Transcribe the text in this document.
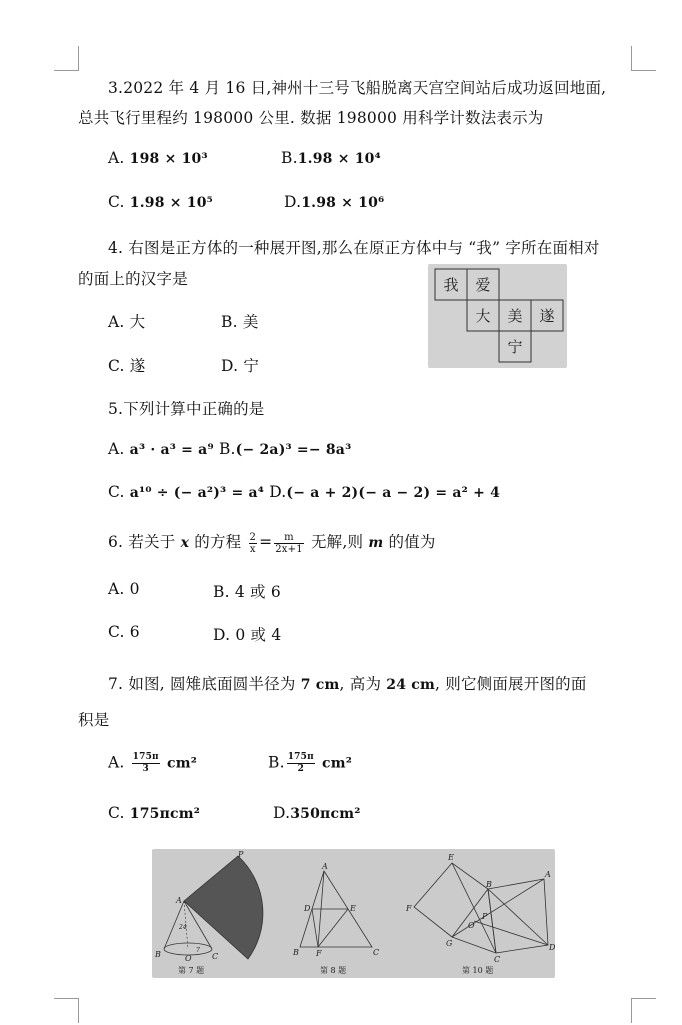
3.2022 年 4 月 16 日,神州十三号飞船脱离天宫空间站后成功返回地面,
总共飞行里程约 198000 公里. 数据 198000 用科学计数法表示为
A. 198 × 10³	B.1.98 × 10⁴
C. 1.98 × 10⁵	D.1.98 × 10⁶
4. 右图是正方体的一种展开图,那么在原正方体中与 “我” 字所在面相对
的面上的汉字是
A. 大	B. 美
C. 遂	D. 宁
我 爱
大 美 遂
宁
5.下列计算中正确的是
A. a³ · a³ = a⁹ B.(− 2a)³ =− 8a³
C. a¹⁰ ÷ (− a²)³ = a⁴ D.(− a + 2)(− a − 2) = a² + 4
6. 若关于 x 的方程 $\frac{2}{x} = \frac{m}{2x+1}$ 无解,则 m 的值为
A. 0	B. 4 或 6
C. 6	D. 0 或 4
7. 如图, 圆雉底面圆半径为 7 cm, 高为 24 cm, 则它侧面展开图的面
积是
A. $\frac{175\pi}{3} cm^2$	B. $\frac{175\pi}{2} cm^2$
C. 175πcm²	D.350πcm²
P
A
B	C
O
24
7
第 7 题
A
B	C
D	E
F
第 8 题
E
F
G
B
A
D
C
O
P
第 10 题
